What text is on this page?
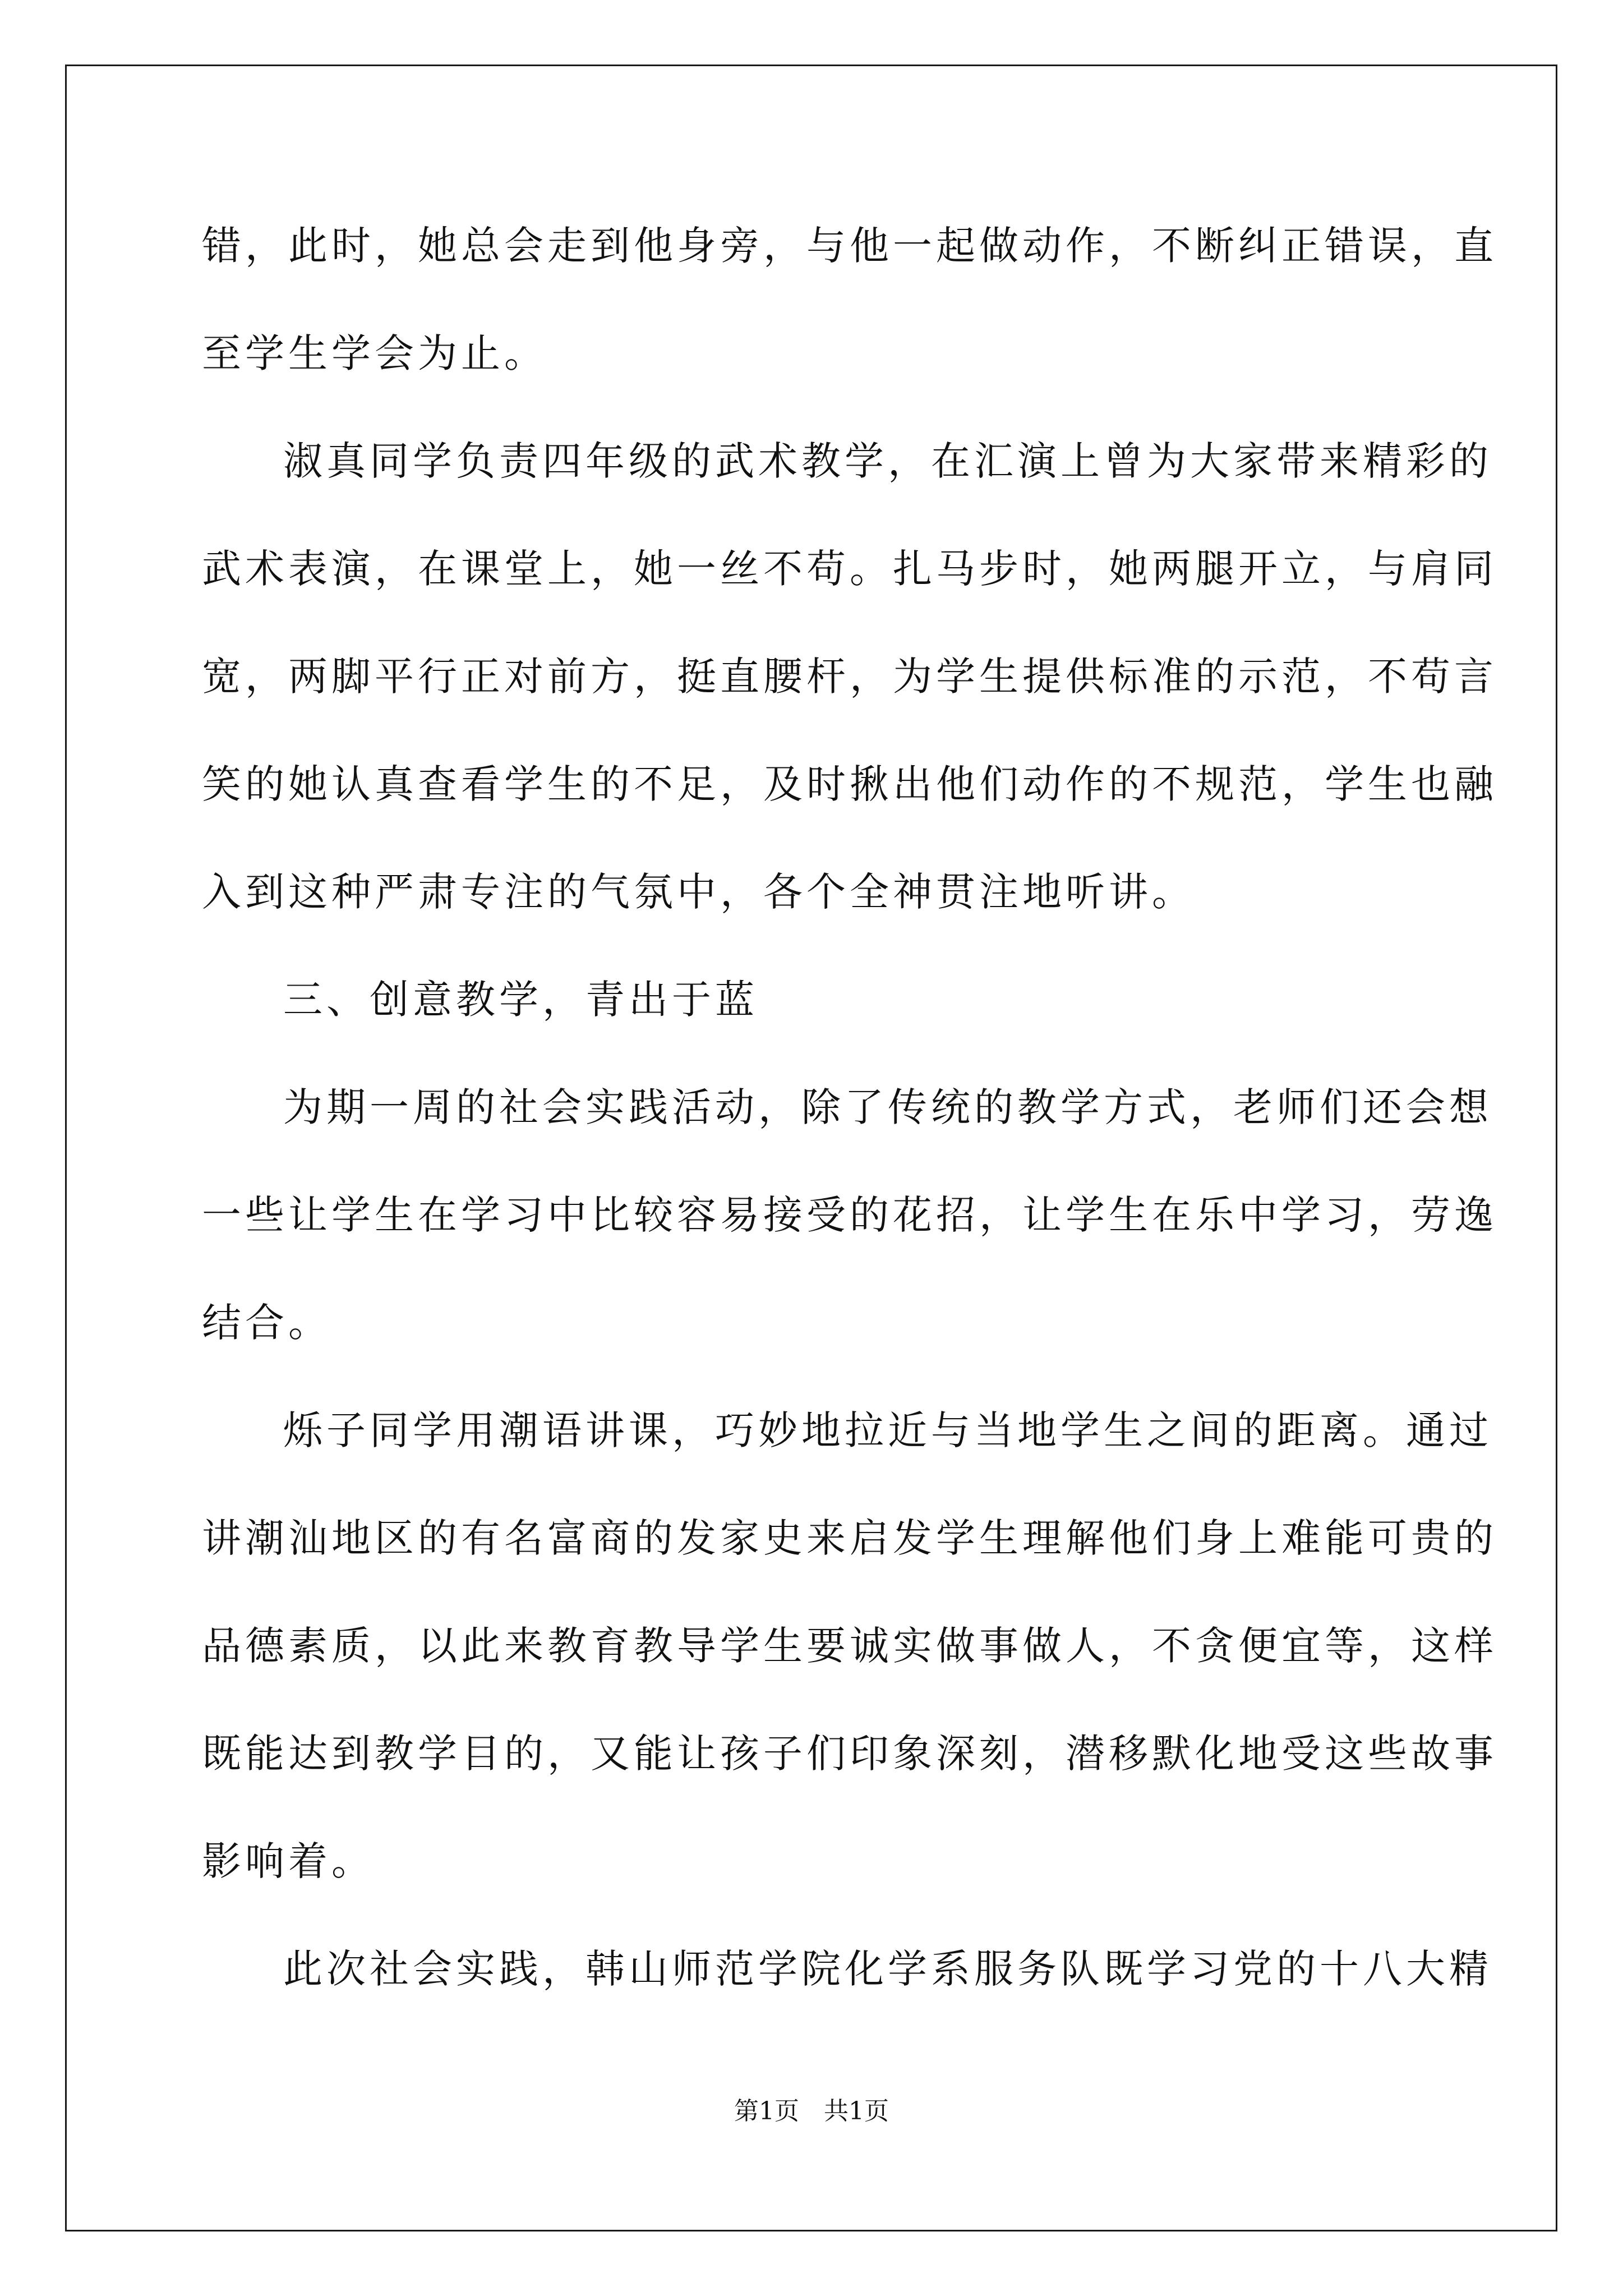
错，此时，她总会走到他身旁，与他一起做动作，不断纠正错误，直
至学生学会为止。
淑真同学负责四年级的武术教学，在汇演上曾为大家带来精彩的
武术表演，在课堂上，她一丝不苟。扎马步时，她两腿开立，与肩同
宽，两脚平行正对前方，挺直腰杆，为学生提供标准的示范，不苟言
笑的她认真查看学生的不足，及时揪出他们动作的不规范，学生也融
入到这种严肃专注的气氛中，各个全神贯注地听讲。
三、创意教学，青出于蓝
为期一周的社会实践活动，除了传统的教学方式，老师们还会想
一些让学生在学习中比较容易接受的花招，让学生在乐中学习，劳逸
结合。
烁子同学用潮语讲课，巧妙地拉近与当地学生之间的距离。通过
讲潮汕地区的有名富商的发家史来启发学生理解他们身上难能可贵的
品德素质，以此来教育教导学生要诚实做事做人，不贪便宜等，这样
既能达到教学目的，又能让孩子们印象深刻，潜移默化地受这些故事
影响着。
此次社会实践，韩山师范学院化学系服务队既学习党的十八大精
第1页 共1页
